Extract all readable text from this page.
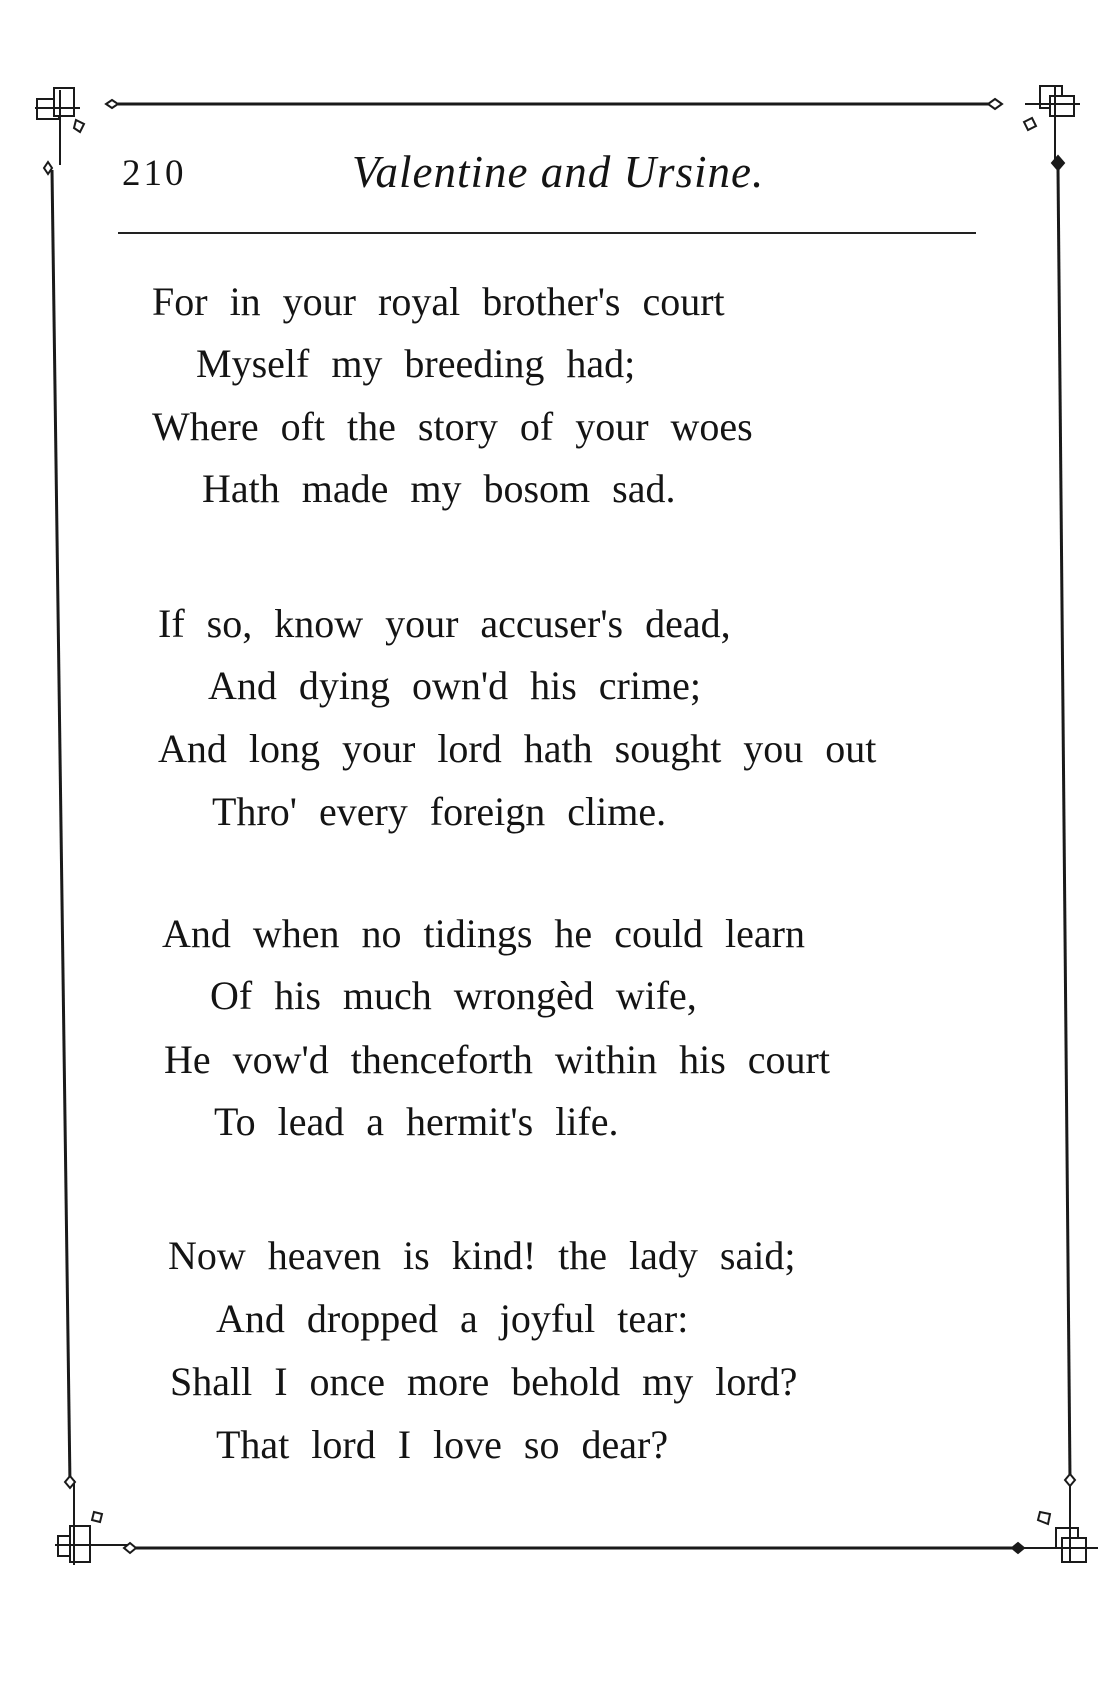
210	Valentine and Ursine.
For in your royal brother's court
Myself my breeding had;
Where oft the story of your woes
Hath made my bosom sad.
If so, know your accuser's dead,
And dying own'd his crime;
And long your lord hath sought you out
Thro' every foreign clime.
And when no tidings he could learn
Of his much wrongèd wife,
He vow'd thenceforth within his court
To lead a hermit's life.
Now heaven is kind! the lady said;
And dropped a joyful tear:
Shall I once more behold my lord?
That lord I love so dear?
